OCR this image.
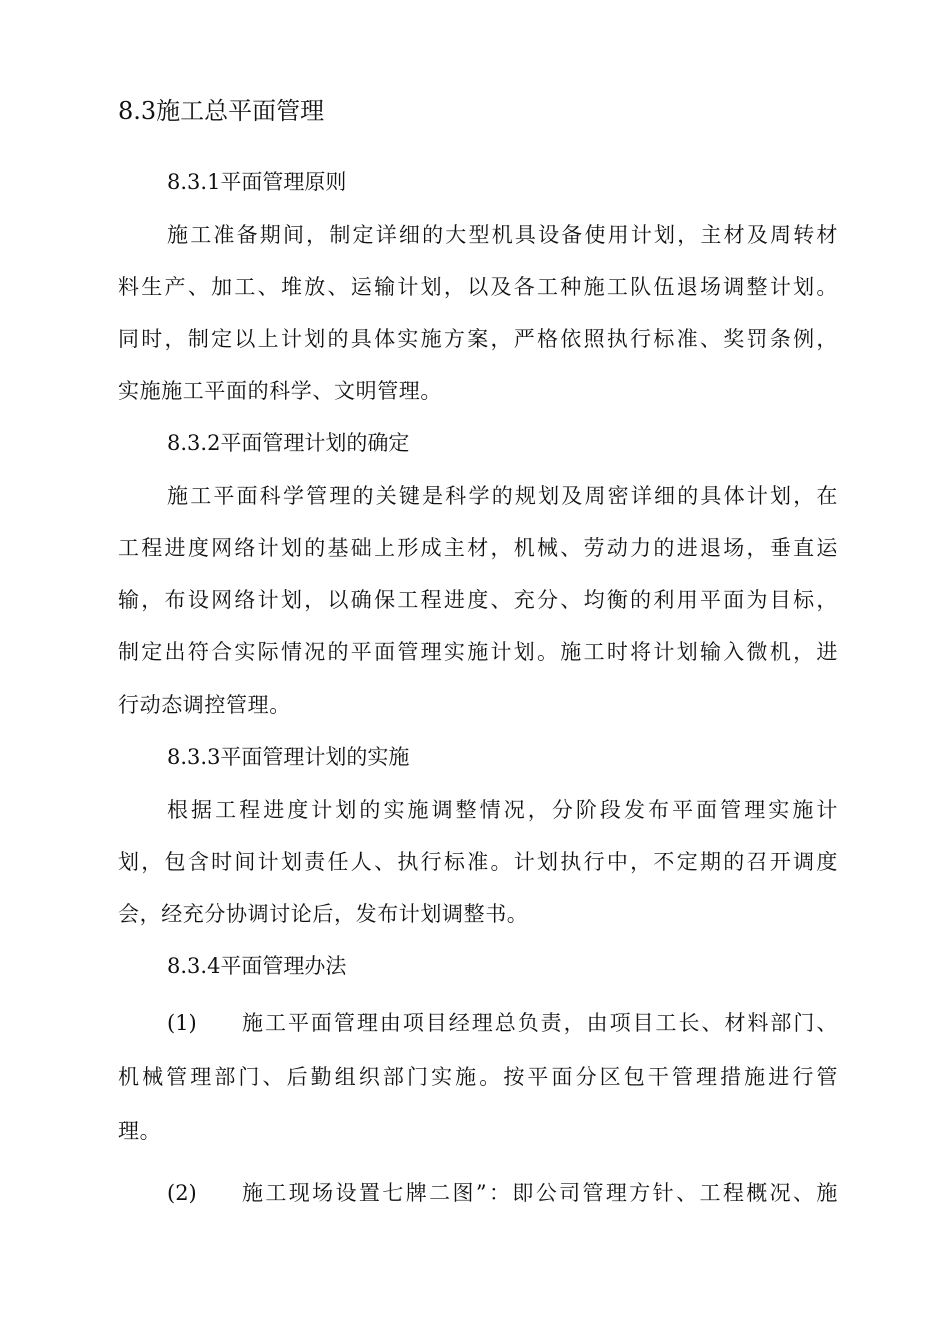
8.3施工总平面管理
8.3.1平面管理原则
施工准备期间，制定详细的大型机具设备使用计划，主材及周转材
料生产、加工、堆放、运输计划，以及各工种施工队伍退场调整计划。
同时，制定以上计划的具体实施方案，严格依照执行标准、奖罚条例，
实施施工平面的科学、文明管理。
8.3.2平面管理计划的确定
施工平面科学管理的关键是科学的规划及周密详细的具体计划，在
工程进度网络计划的基础上形成主材，机械、劳动力的进退场，垂直运
输，布设网络计划，以确保工程进度、充分、均衡的利用平面为目标，
制定出符合实际情况的平面管理实施计划。施工时将计划输入微机，进
行动态调控管理。
8.3.3平面管理计划的实施
根据工程进度计划的实施调整情况，分阶段发布平面管理实施计
划，包含时间计划责任人、执行标准。计划执行中，不定期的召开调度
会，经充分协调讨论后，发布计划调整书。
8.3.4平面管理办法
(1) 施工平面管理由项目经理总负责，由项目工长、材料部门、
机械管理部门、后勤组织部门实施。按平面分区包干管理措施进行管
理。
(2) 施工现场设置七牌二图”：即公司管理方针、工程概况、施
